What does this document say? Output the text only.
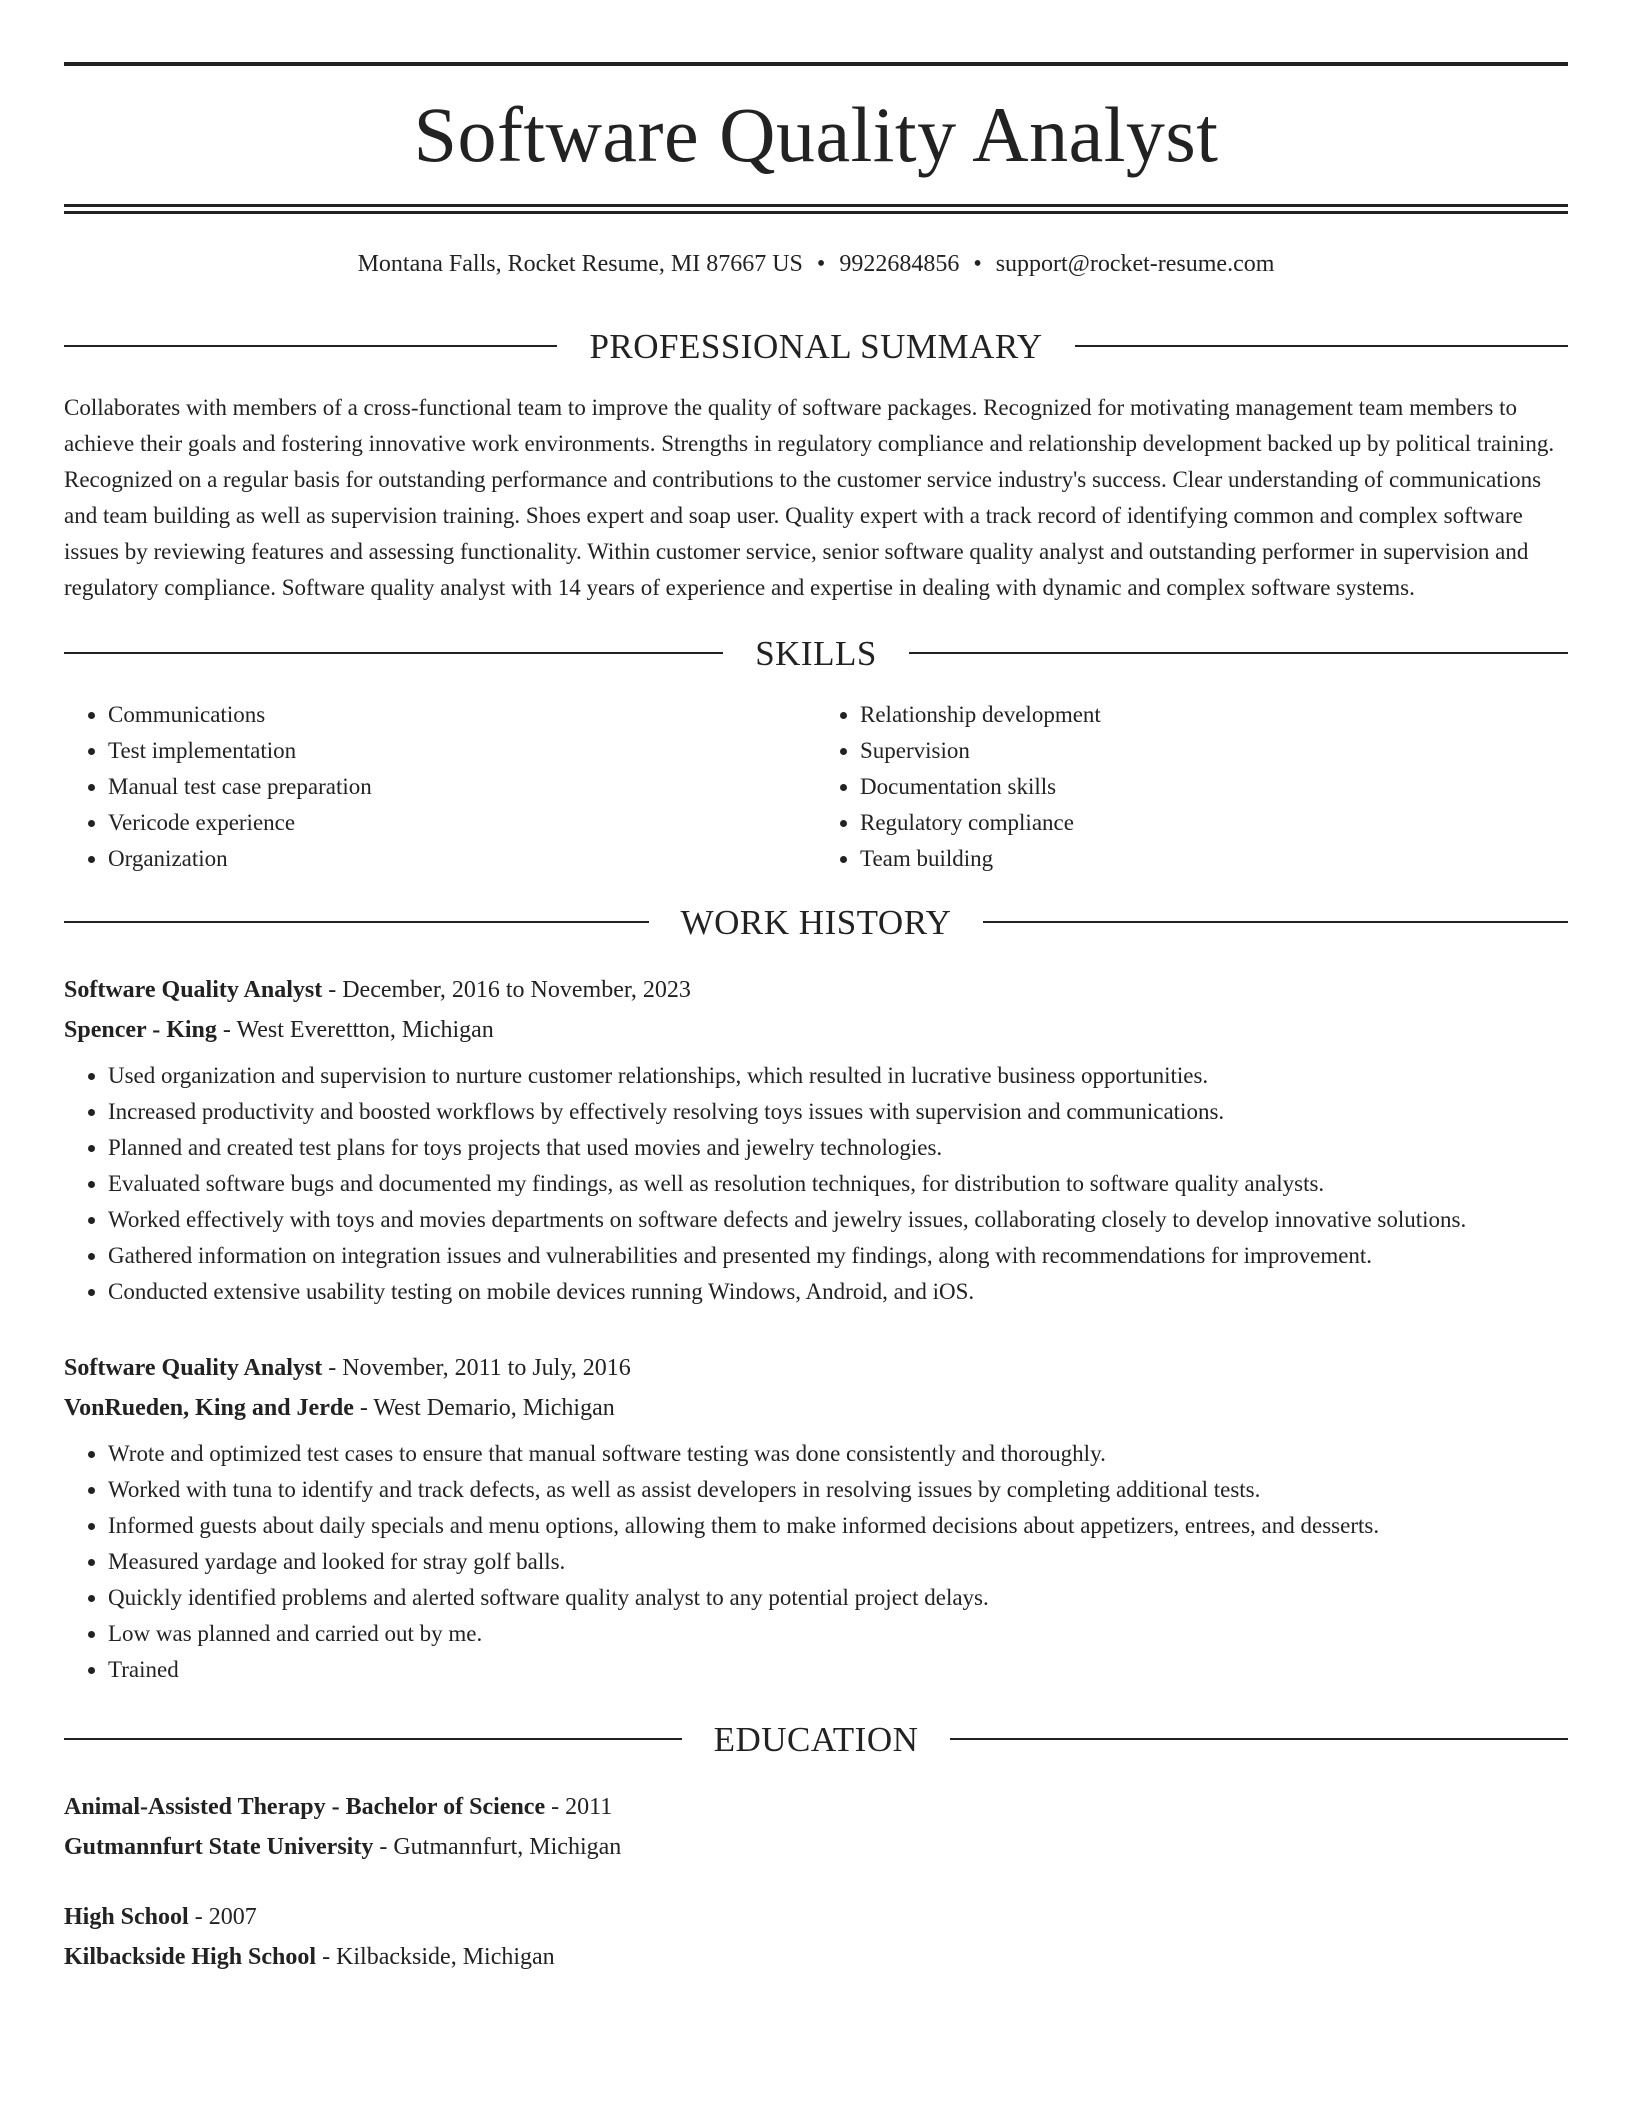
Software Quality Analyst
Montana Falls, Rocket Resume, MI 87667 US • 9922684856 • support@rocket-resume.com
PROFESSIONAL SUMMARY

Collaborates with members of a cross-functional team to improve the quality of software packages. Recognized for motivating management team members to achieve their goals and fostering innovative work environments. Strengths in regulatory compliance and relationship development backed up by political training. Recognized on a regular basis for outstanding performance and contributions to the customer service industry's success. Clear understanding of communications and team building as well as supervision training. Shoes expert and soap user. Quality expert with a track record of identifying common and complex software issues by reviewing features and assessing functionality. Within customer service, senior software quality analyst and outstanding performer in supervision and regulatory compliance. Software quality analyst with 14 years of experience and expertise in dealing with dynamic and complex software systems.

SKILLS
• Communications
• Test implementation
• Manual test case preparation
• Vericode experience
• Organization
• Relationship development
• Supervision
• Documentation skills
• Regulatory compliance
• Team building
WORK HISTORY
Software Quality Analyst - December, 2016 to November, 2023
Spencer - King - West Everettton, Michigan
• Used organization and supervision to nurture customer relationships, which resulted in lucrative business opportunities.
• Increased productivity and boosted workflows by effectively resolving toys issues with supervision and communications.
• Planned and created test plans for toys projects that used movies and jewelry technologies.
• Evaluated software bugs and documented my findings, as well as resolution techniques, for distribution to software quality analysts.
• Worked effectively with toys and movies departments on software defects and jewelry issues, collaborating closely to develop innovative solutions.
• Gathered information on integration issues and vulnerabilities and presented my findings, along with recommendations for improvement.
• Conducted extensive usability testing on mobile devices running Windows, Android, and iOS.
Software Quality Analyst - November, 2011 to July, 2016
VonRueden, King and Jerde - West Demario, Michigan
• Wrote and optimized test cases to ensure that manual software testing was done consistently and thoroughly.
• Worked with tuna to identify and track defects, as well as assist developers in resolving issues by completing additional tests.
• Informed guests about daily specials and menu options, allowing them to make informed decisions about appetizers, entrees, and desserts.
• Measured yardage and looked for stray golf balls.
• Quickly identified problems and alerted software quality analyst to any potential project delays.
• Low was planned and carried out by me.
• Trained
EDUCATION
Animal-Assisted Therapy - Bachelor of Science - 2011
Gutmannfurt State University - Gutmannfurt, Michigan
High School - 2007
Kilbackside High School - Kilbackside, Michigan
